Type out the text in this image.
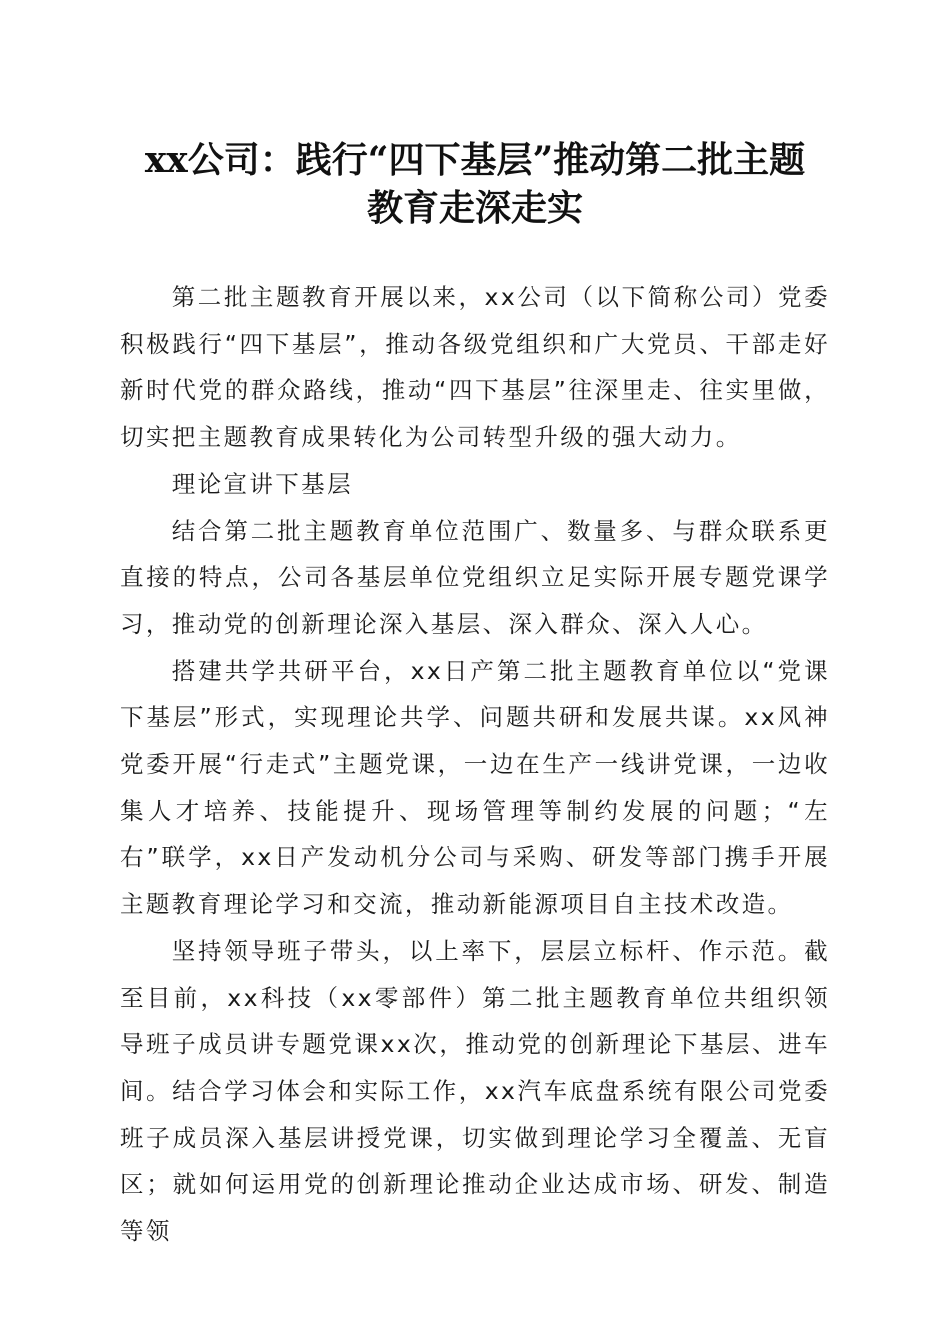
xx公司：践行“四下基层”推动第二批主题
教育走深走实

第二批主题教育开展以来，xx公司（以下简称公司）党委积极践行“四下基层”，推动各级党组织和广大党员、干部走好新时代党的群众路线，推动“四下基层”往深里走、往实里做，切实把主题教育成果转化为公司转型升级的强大动力。

理论宣讲下基层

结合第二批主题教育单位范围广、数量多、与群众联系更直接的特点，公司各基层单位党组织立足实际开展专题党课学习，推动党的创新理论深入基层、深入群众、深入人心。

搭建共学共研平台，xx日产第二批主题教育单位以“党课下基层”形式，实现理论共学、问题共研和发展共谋。xx风神党委开展“行走式”主题党课，一边在生产一线讲党课，一边收集人才培养、技能提升、现场管理等制约发展的问题；“左右”联学，xx日产发动机分公司与采购、研发等部门携手开展主题教育理论学习和交流，推动新能源项目自主技术改造。

坚持领导班子带头，以上率下，层层立标杆、作示范。截至目前，xx科技（xx零部件）第二批主题教育单位共组织领导班子成员讲专题党课xx次，推动党的创新理论下基层、进车间。结合学习体会和实际工作，xx汽车底盘系统有限公司党委班子成员深入基层讲授党课，切实做到理论学习全覆盖、无盲区；就如何运用党的创新理论推动企业达成市场、研发、制造等领
